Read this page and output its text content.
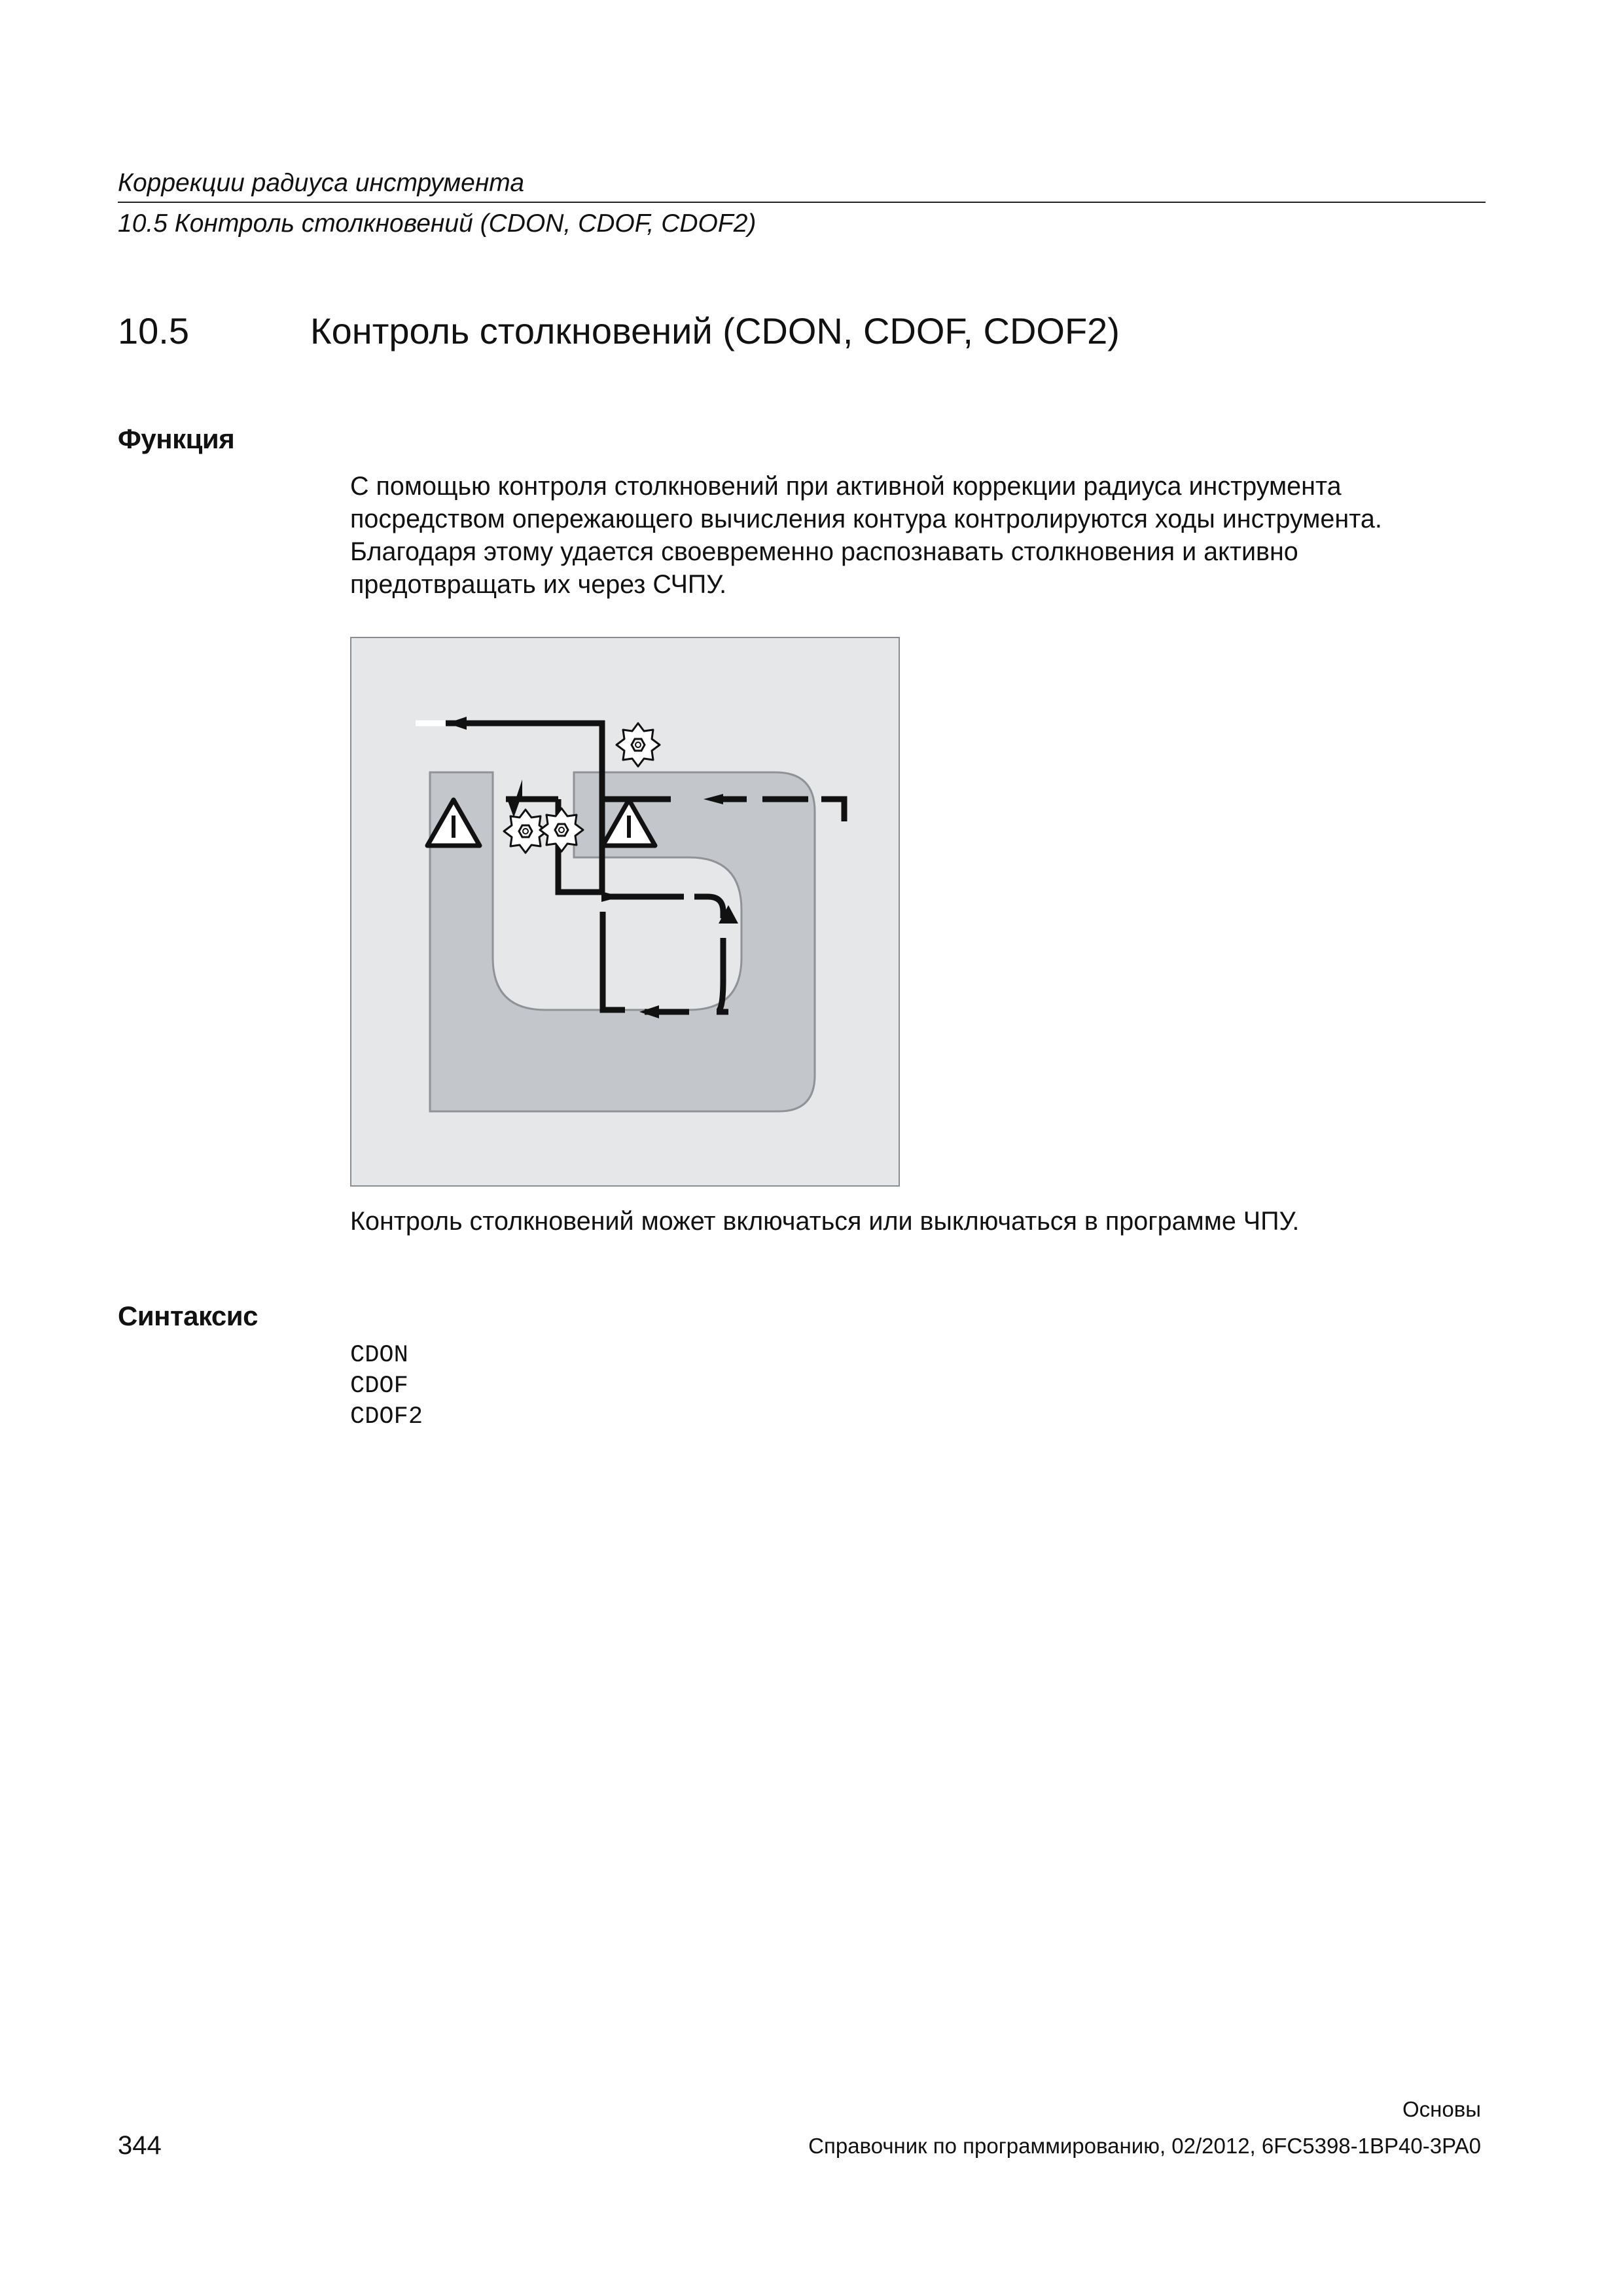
Коррекции радиуса инструмента
10.5 Контроль столкновений (CDON, CDOF, CDOF2)
10.5	Контроль столкновений (CDON, CDOF, CDOF2)
Функция
С помощью контроля столкновений при активной коррекции радиуса инструмента
посредством опережающего вычисления контура контролируются ходы инструмента.
Благодаря этому удается своевременно распознавать столкновения и активно
предотвращать их через СЧПУ.
Контроль столкновений может включаться или выключаться в программе ЧПУ.
Синтаксис
CDON
CDOF
CDOF2
Основы
344	Справочник по программированию, 02/2012, 6FC5398-1BP40-3PA0
